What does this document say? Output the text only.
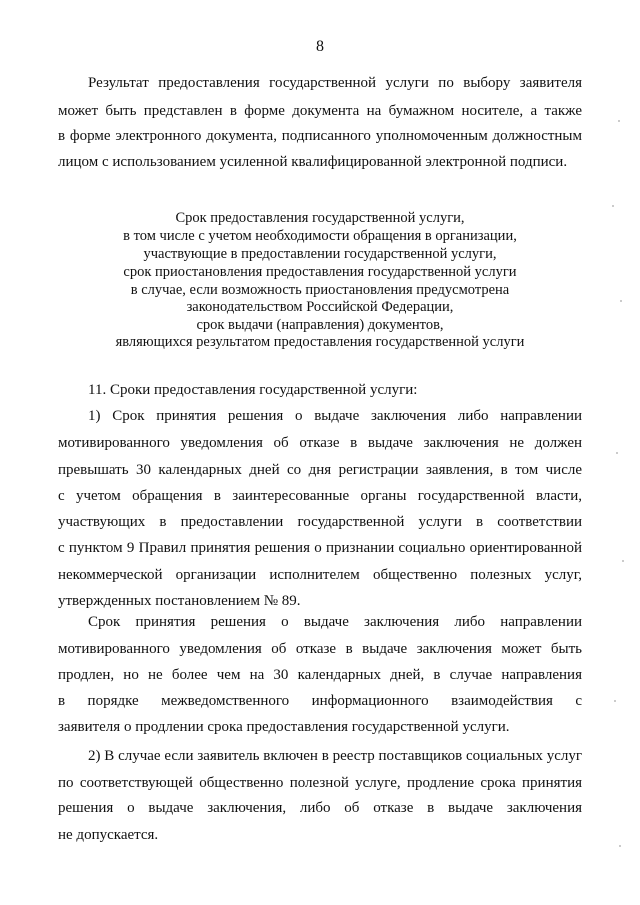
8
Результат предоставления государственной услуги по выбору заявителя
может быть представлен в форме документа на бумажном носителе, а также
в форме электронного документа, подписанного уполномоченным должностным
лицом с использованием усиленной квалифицированной электронной подписи.
Срок предоставления государственной услуги,
в том числе с учетом необходимости обращения в организации,
участвующие в предоставлении государственной услуги,
срок приостановления предоставления государственной услуги
в случае, если возможность приостановления предусмотрена
законодательством Российской Федерации,
срок выдачи (направления) документов,
являющихся результатом предоставления государственной услуги
11. Сроки предоставления государственной услуги:
1) Срок принятия решения о выдаче заключения либо направлении
мотивированного уведомления об отказе в выдаче заключения не должен
превышать 30 календарных дней со дня регистрации заявления, в том числе
с учетом обращения в заинтересованные органы государственной власти,
участвующих в предоставлении государственной услуги в соответствии
с пунктом 9 Правил принятия решения о признании социально ориентированной
некоммерческой организации исполнителем общественно полезных услуг,
утвержденных постановлением № 89.
Срок принятия решения о выдаче заключения либо направлении
мотивированного уведомления об отказе в выдаче заключения может быть
продлен, но не более чем на 30 календарных дней, в случае направления
в порядке межведомственного информационного взаимодействия с
заявителя о продлении срока предоставления государственной услуги.
2) В случае если заявитель включен в реестр поставщиков социальных услуг
по соответствующей общественно полезной услуге, продление срока принятия
решения о выдаче заключения, либо об отказе в выдаче заключения
не допускается.
